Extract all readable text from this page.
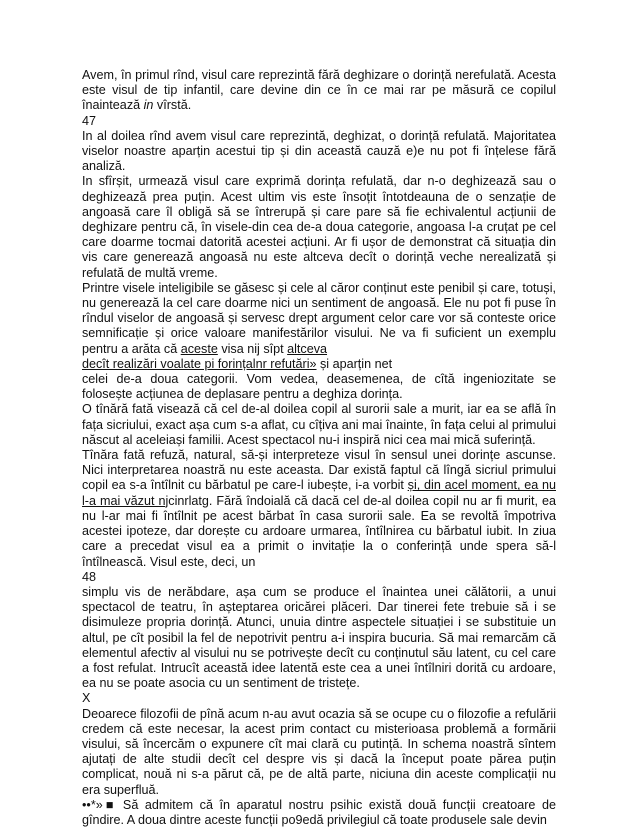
Avem, în primul rînd, visul care reprezintă fără deghizare o dorință nerefulată. Acesta este visul de tip infantil, care devine din ce în ce mai rar pe măsură ce copilul înaintează in vîrstă.

47

In al doilea rînd avem visul care reprezintă, deghizat, o dorință refulată. Majoritatea viselor noastre aparțin acestui tip și din această cauză e)e nu pot fi înțelese fără analiză.

In sfîrșit, urmează visul care exprimă dorința refulată, dar n-o deghizează sau o deghizează prea puțin. Acest ultim vis este însoțit întotdeauna de o senzație de angoasă care îl obligă să se întrerupă și care pare să fie echivalentul acțiunii de deghizare pentru că, în visele-din cea de-a doua categorie, angoasa l-a cruțat pe cel care doarme tocmai datorită acestei acțiuni. Ar fi ușor de demonstrat că situația din vis care generează angoasă nu este altceva decît o dorință veche nerealizată și refulată de multă vreme.

Printre visele inteligibile se găsesc și cele al căror conținut este penibil și care, totuși, nu generează la cel care doarme nici un sentiment de angoasă. Ele nu pot fi puse în rîndul viselor de angoasă și servesc drept argument celor care vor să conteste orice semnificație și orice valoare manifestărilor visului. Ne va fi suficient un exemplu pentru a arăta că aceste visa nij sîpt altceva

decît realizări voalate pi forințalnr refutări» și aparțin net

celei de-a doua categorii. Vom vedea, deasemenea, de cîtă ingeniozitate se folosește acțiunea de deplasare pentru a deghiza dorința.

O tînără fată visează că cel de-al doilea copil al surorii sale a murit, iar ea se află în fața sicriului, exact așa cum s-a aflat, cu cîțiva ani mai înainte, în fața celui al primului născut al aceleiași familii. Acest spectacol nu-i inspiră nici cea mai mică suferință.

Tînăra fată refuză, natural, să-și interpreteze visul în sensul unei dorințe ascunse. Nici interpretarea noastră nu este aceasta. Dar există faptul că lîngă sicriul primului copil ea s-a întîlnit cu bărbatul pe care-l iubește, i-a vorbit și, din acel moment, ea nu l-a mai văzut njcinrlatg. Fără îndoială că dacă cel de-al doilea copil nu ar fi murit, ea nu l-ar mai fi întîlnit pe acest bărbat în casa surorii sale. Ea se revoltă împotriva acestei ipoteze, dar dorește cu ardoare urmarea, întîlnirea cu bărbatul iubit. In ziua care a precedat visul ea a primit o invitație la o conferință unde spera să-l întîlnească. Visul este, deci, un

48

simplu vis de nerăbdare, așa cum se produce el înaintea unei călătorii, a unui spectacol de teatru, în așteptarea oricărei plăceri. Dar tinerei fete trebuie să i se disimuleze propria dorință. Atunci, unuia dintre aspectele situației i se substituie un altul, pe cît posibil la fel de nepotrivit pentru a-i inspira bucuria. Să mai remarcăm că elementul afectiv al visului nu se potrivește decît cu conținutul său latent, cu cel care a fost refulat. Intrucît această idee latentă este cea a unei întîlniri dorită cu ardoare, ea nu se poate asocia cu un sentiment de tristețe.

X

Deoarece filozofii de pînă acum n-au avut ocazia să se ocupe cu o filozofie a refulării credem că este necesar, la acest prim contact cu misterioasa problemă a formării visului, să încercăm o expunere cît mai clară cu putință. In schema noastră sîntem ajutați de alte studii decît cel despre vis și dacă la început poate părea puțin complicat, nouă ni s-a părut că, pe de altă parte, niciuna din aceste complicații nu era superfluă.

••*»■ Să admitem că în aparatul nostru psihic există două funcții creatoare de gîndire. A doua dintre aceste funcții po9edă privilegiul că toate produsele sale devin
